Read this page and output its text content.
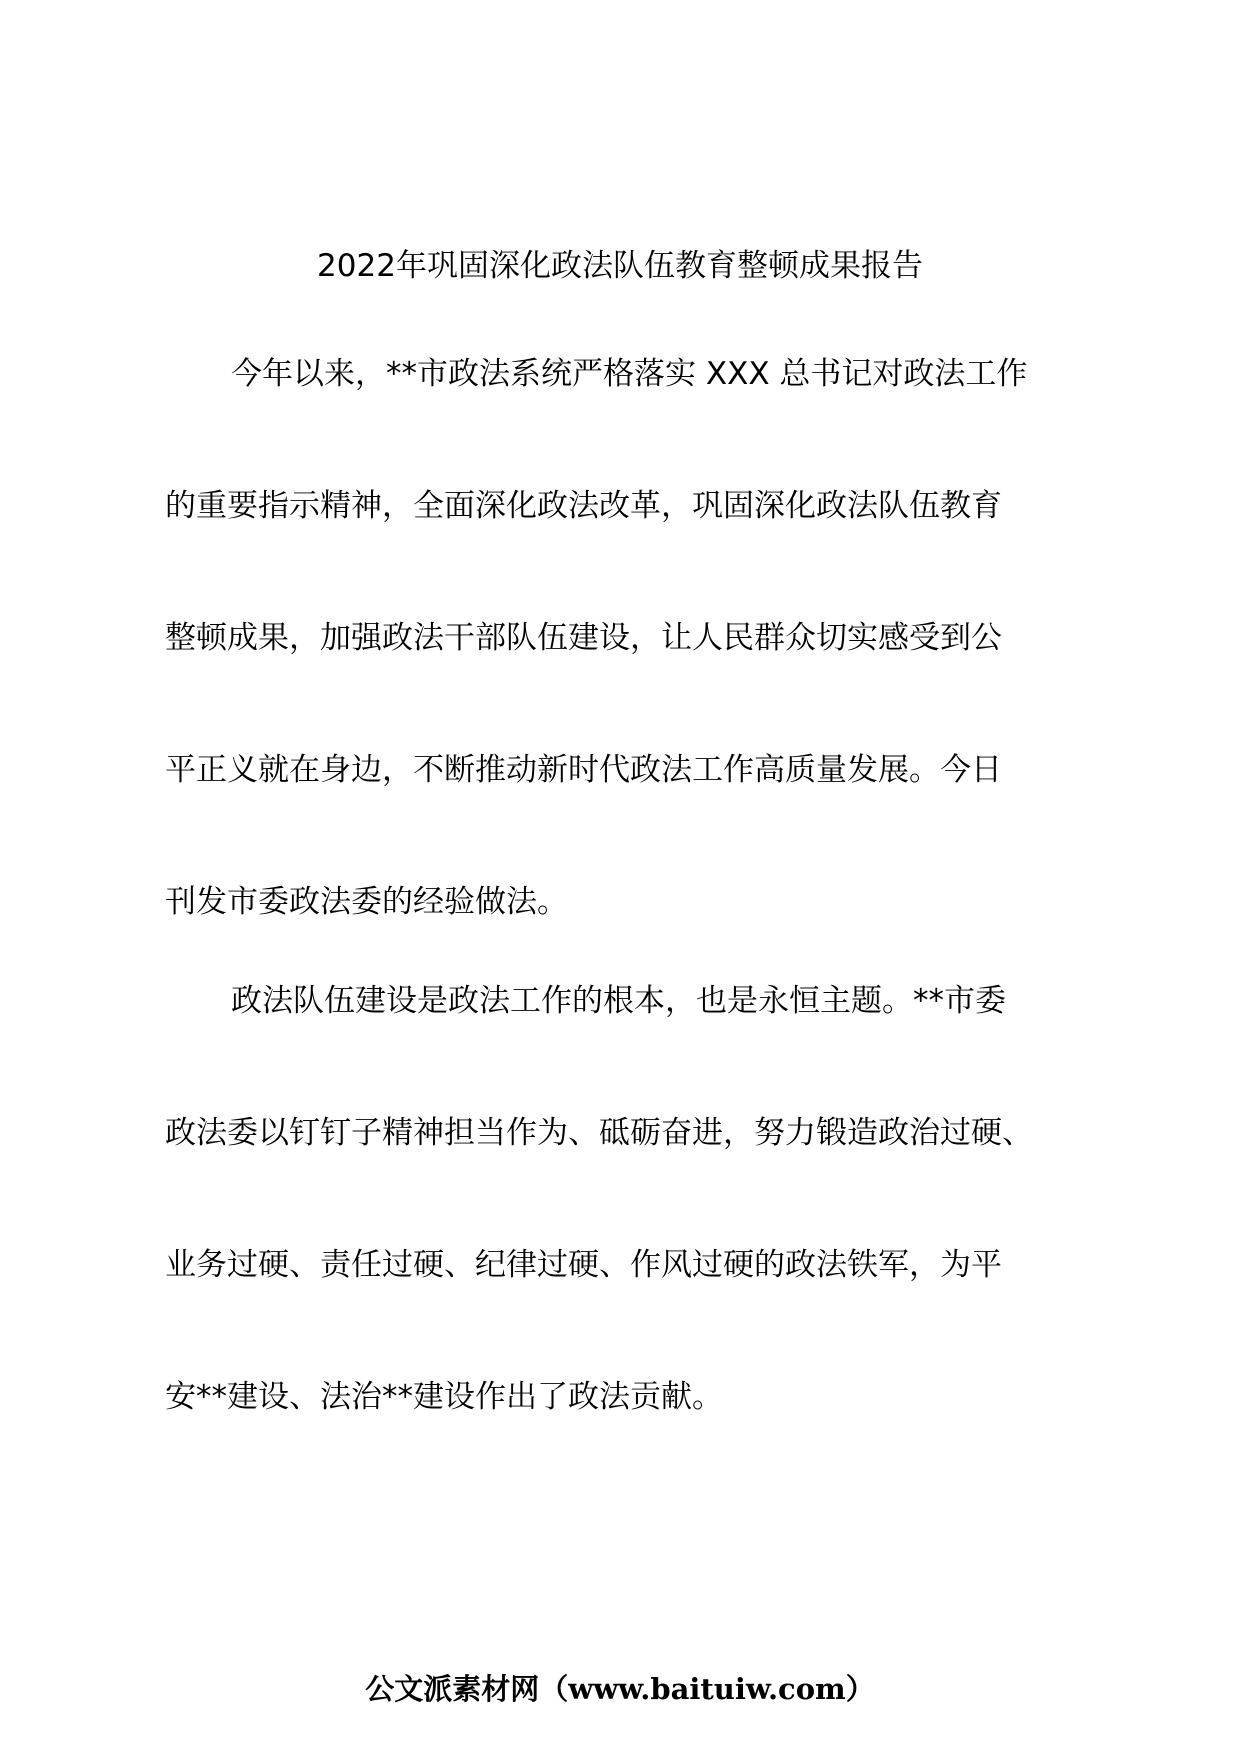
2022年巩固深化政法队伍教育整顿成果报告
今年以来，**市政法系统严格落实 XXX 总书记对政法工作
的重要指示精神，全面深化政法改革，巩固深化政法队伍教育
整顿成果，加强政法干部队伍建设，让人民群众切实感受到公
平正义就在身边，不断推动新时代政法工作高质量发展。今日
刊发市委政法委的经验做法。
政法队伍建设是政法工作的根本，也是永恒主题。**市委
政法委以钉钉子精神担当作为、砥砺奋进，努力锻造政治过硬、
业务过硬、责任过硬、纪律过硬、作风过硬的政法铁军，为平
安**建设、法治**建设作出了政法贡献。
公文派素材网（www.baituiw.com）
